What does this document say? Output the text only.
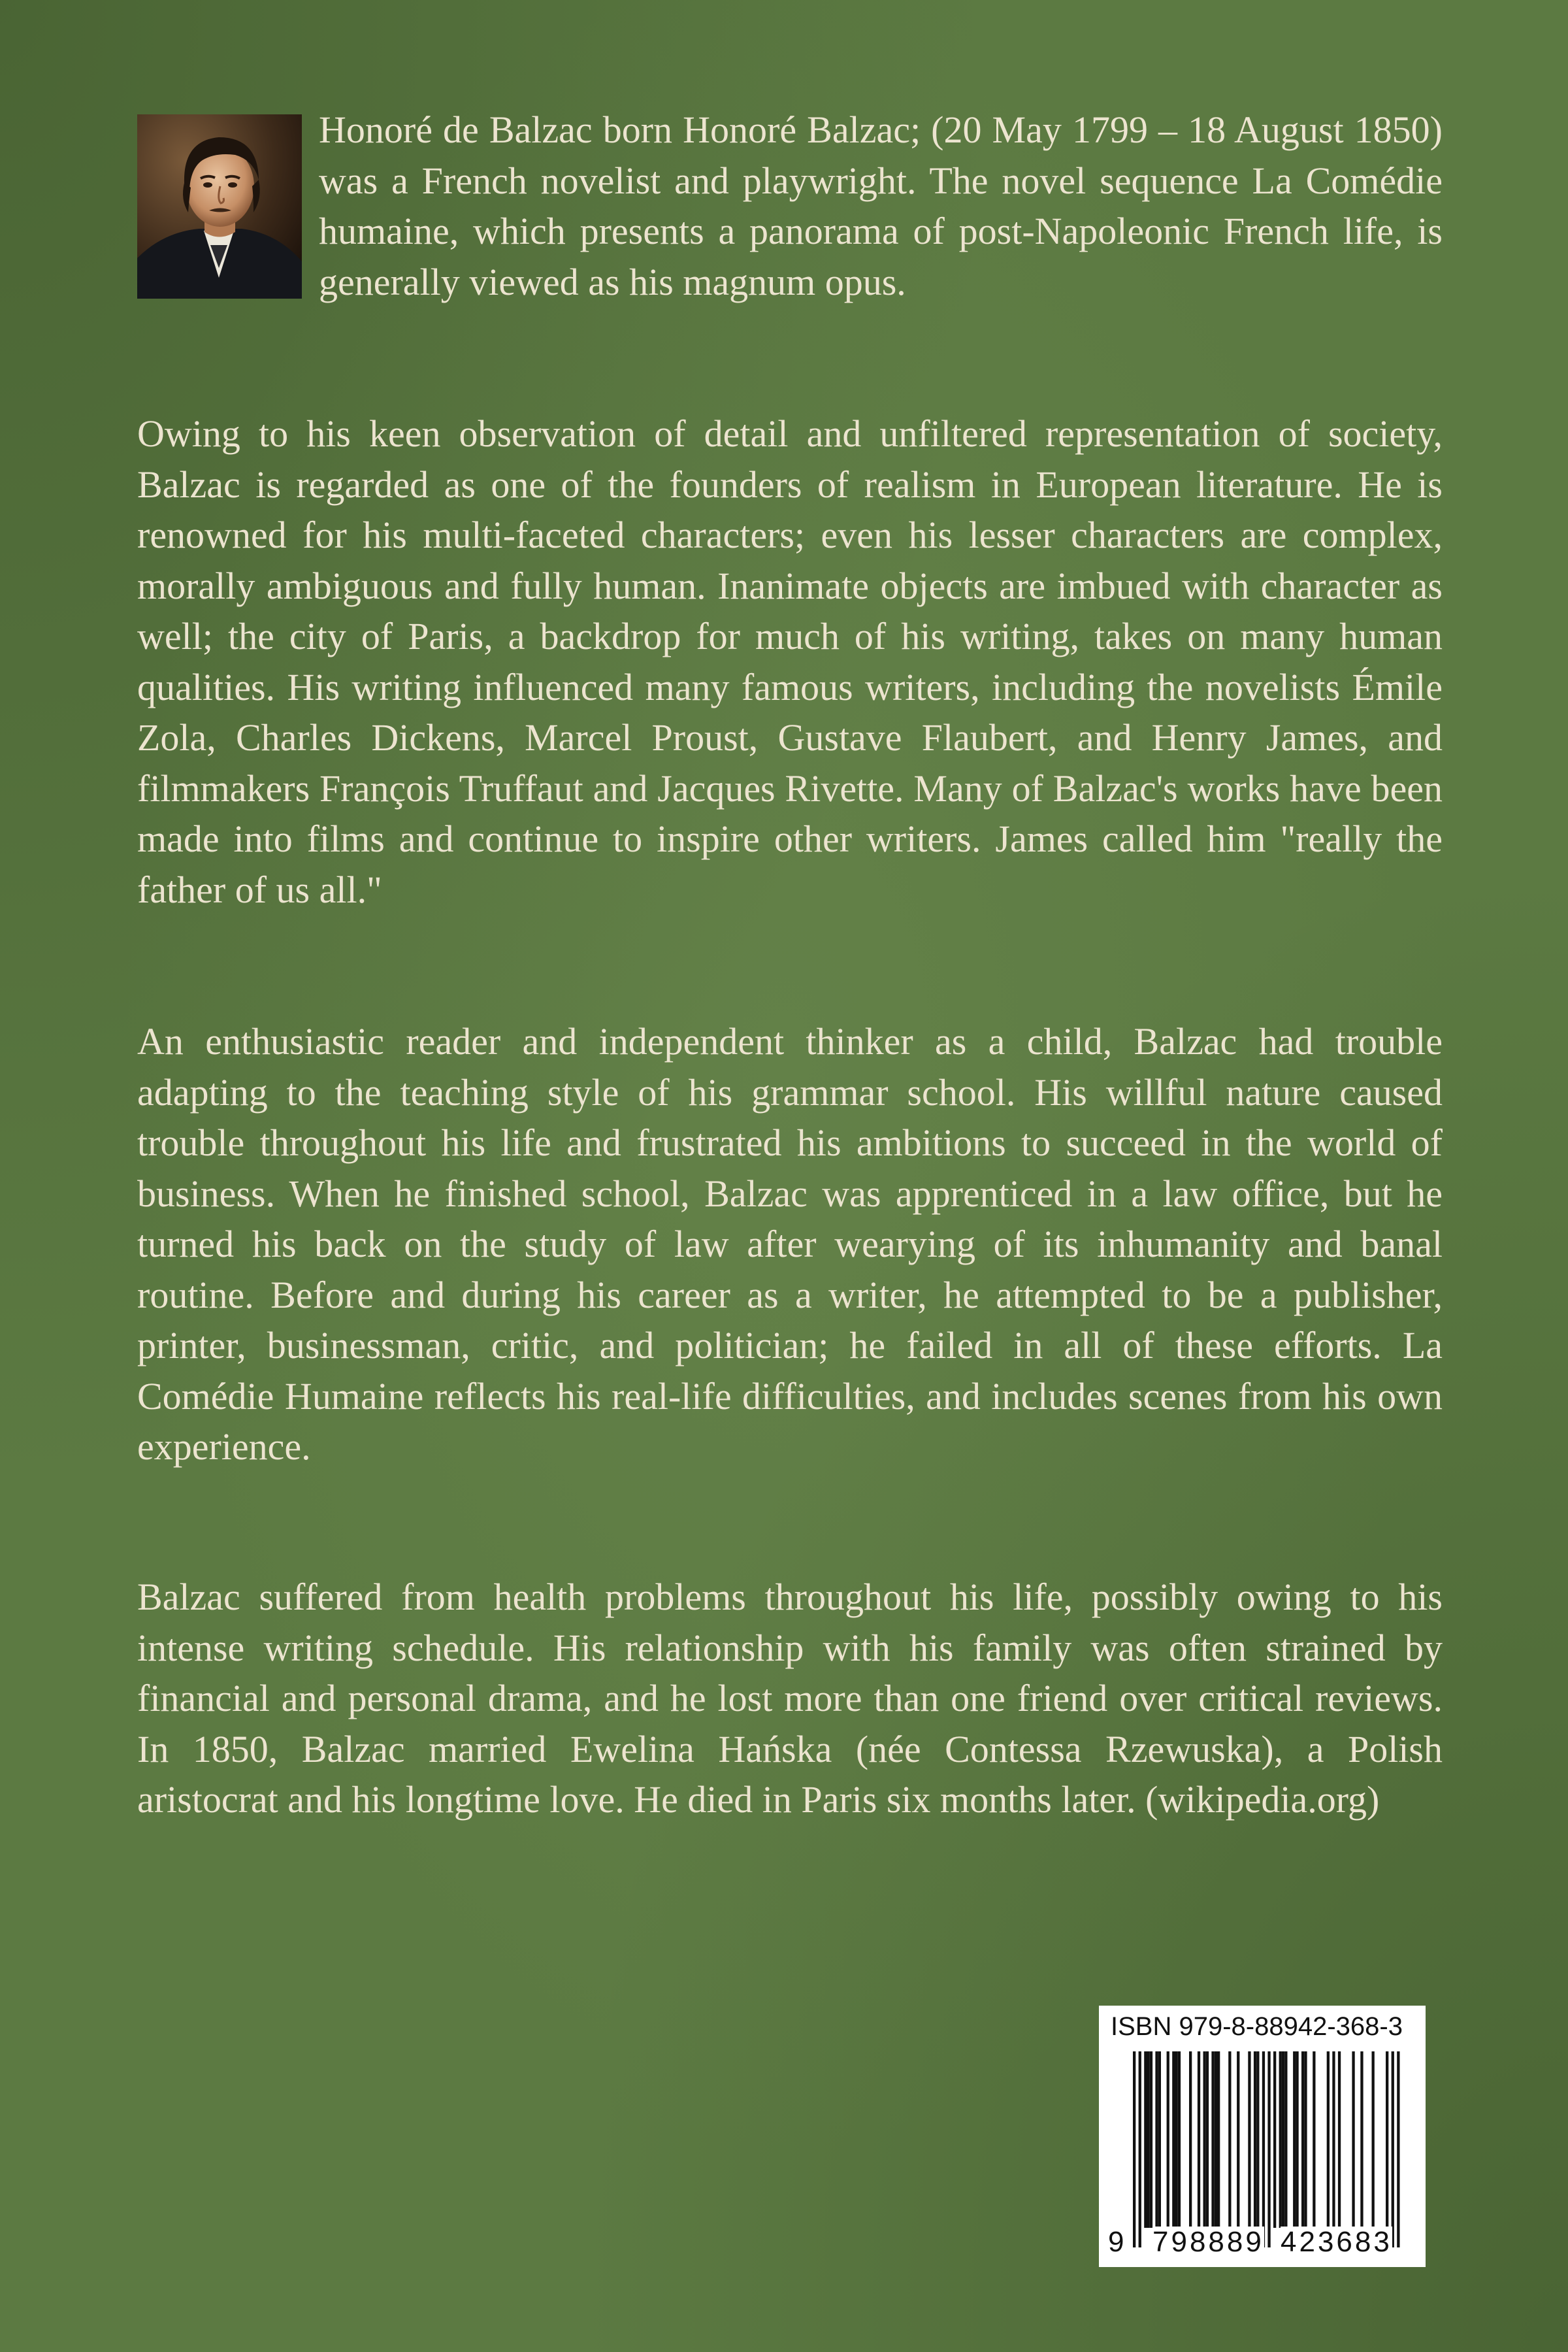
Honoré de Balzac born Honoré Balzac; (20 May 1799 – 18 August 1850) was a French novelist and playwright. The novel sequence La Comédie humaine, which presents a panorama of post-Napoleonic French life, is generally viewed as his magnum opus.

Owing to his keen observation of detail and unfiltered representation of society, Balzac is regarded as one of the founders of realism in European literature. He is renowned for his multi-faceted characters; even his lesser characters are complex, morally ambiguous and fully human. Inanimate objects are imbued with character as well; the city of Paris, a backdrop for much of his writing, takes on many human qualities. His writing influenced many famous writers, including the novelists Émile Zola, Charles Dickens, Marcel Proust, Gustave Flaubert, and Henry James, and filmmakers François Truffaut and Jacques Rivette. Many of Balzac's works have been made into films and continue to inspire other writers. James called him "really the father of us all."

An enthusiastic reader and independent thinker as a child, Balzac had trouble adapting to the teaching style of his grammar school. His willful nature caused trouble throughout his life and frustrated his ambitions to succeed in the world of business. When he finished school, Balzac was apprenticed in a law office, but he turned his back on the study of law after wearying of its inhumanity and banal routine. Before and during his career as a writer, he attempted to be a publisher, printer, businessman, critic, and politician; he failed in all of these efforts. La Comédie Humaine reflects his real-life difficulties, and includes scenes from his own experience.

Balzac suffered from health problems throughout his life, possibly owing to his intense writing schedule. His relationship with his family was often strained by financial and personal drama, and he lost more than one friend over critical reviews. In 1850, Balzac married Ewelina Hańska (née Contessa Rzewuska), a Polish aristocrat and his longtime love. He died in Paris six months later. (wikipedia.org)

ISBN 979-8-88942-368-3
9 798889 423683
